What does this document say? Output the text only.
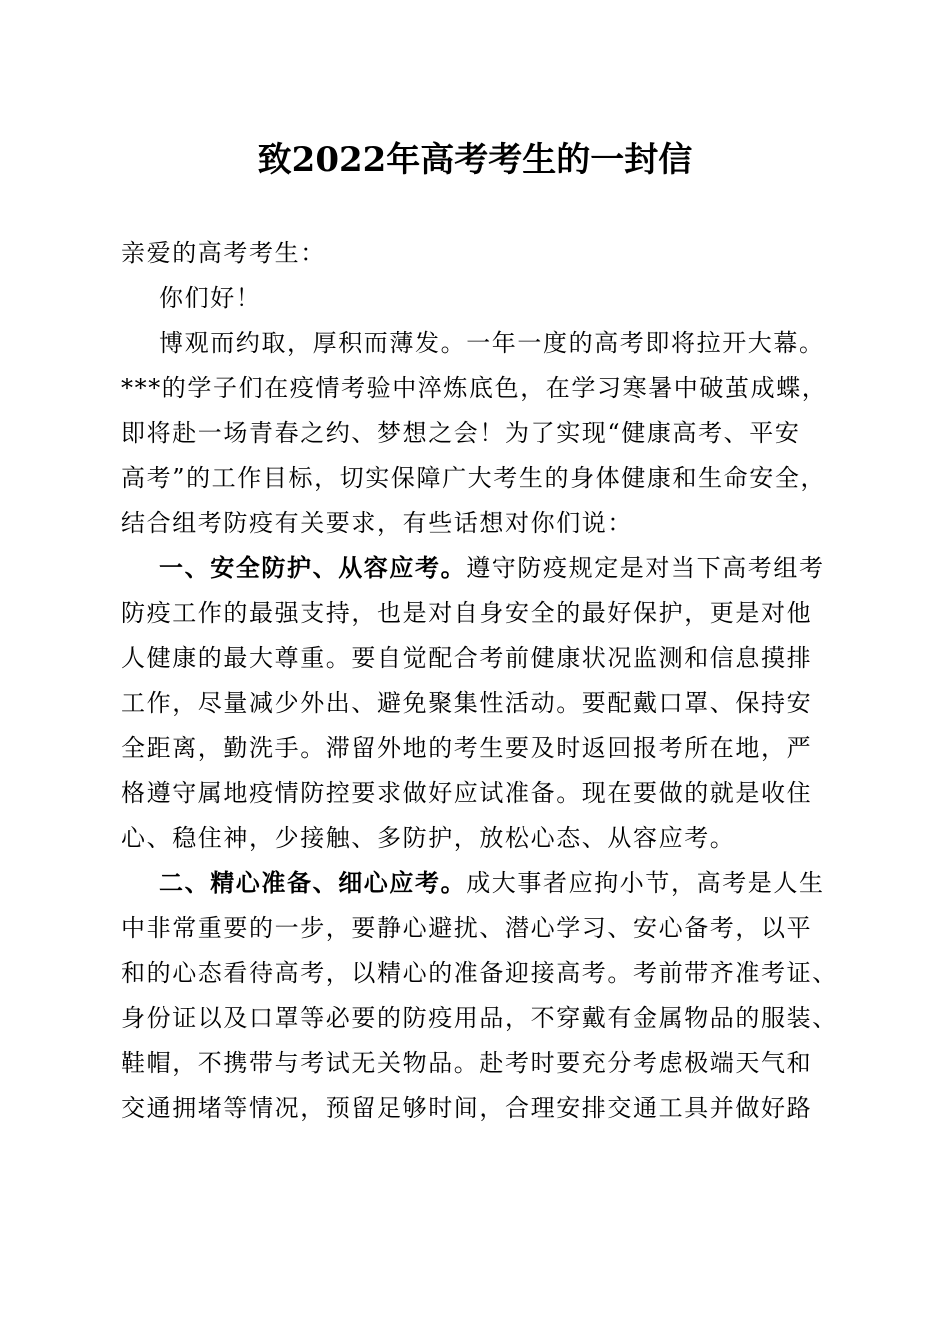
致2022年高考考生的一封信
亲爱的高考考生：
你们好！
博观而约取，厚积而薄发。一年一度的高考即将拉开大幕。
***的学子们在疫情考验中淬炼底色，在学习寒暑中破茧成蝶，
即将赴一场青春之约、梦想之会！为了实现“健康高考、平安
高考”的工作目标，切实保障广大考生的身体健康和生命安全，
结合组考防疫有关要求，有些话想对你们说：
一、安全防护、从容应考。遵守防疫规定是对当下高考组考
防疫工作的最强支持，也是对自身安全的最好保护，更是对他
人健康的最大尊重。要自觉配合考前健康状况监测和信息摸排
工作，尽量减少外出、避免聚集性活动。要配戴口罩、保持安
全距离，勤洗手。滞留外地的考生要及时返回报考所在地，严
格遵守属地疫情防控要求做好应试准备。现在要做的就是收住
心、稳住神，少接触、多防护，放松心态、从容应考。
二、精心准备、细心应考。成大事者应拘小节，高考是人生
中非常重要的一步，要静心避扰、潜心学习、安心备考，以平
和的心态看待高考，以精心的准备迎接高考。考前带齐准考证、
身份证以及口罩等必要的防疫用品，不穿戴有金属物品的服装、
鞋帽，不携带与考试无关物品。赴考时要充分考虑极端天气和
交通拥堵等情况，预留足够时间，合理安排交通工具并做好路
